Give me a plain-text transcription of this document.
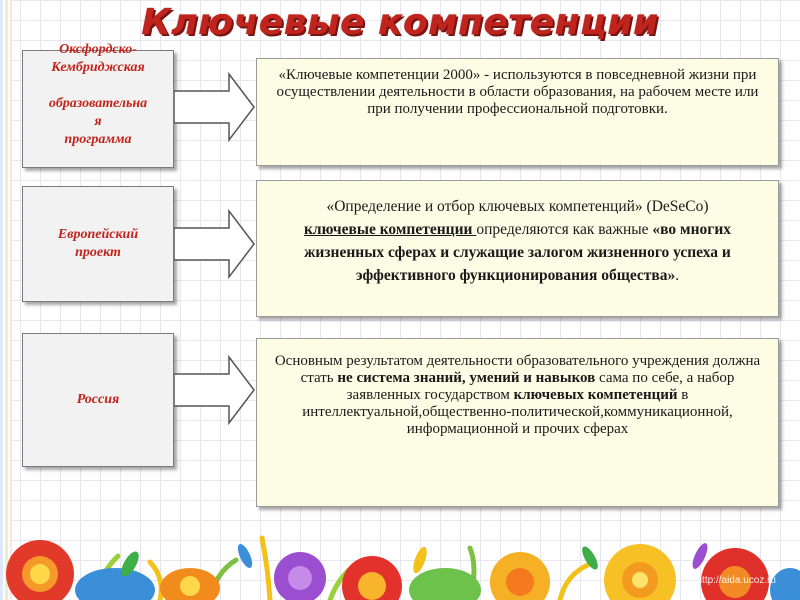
Ключевые компетенции
Оксфордско-
Кембриджская

образовательна
я
программа
«Ключевые компетенции 2000» - используются в повседневной жизни при осуществлении деятельности в области образования, на рабочем месте или при получении профессиональной подготовки.
Европейский
проект
«Определение и отбор ключевых компетенций» (DeSeCo)
ключевые компетенции определяются как важные «во многих жизненных сферах и служащие залогом жизненного успеха и эффективного функционирования общества».
Россия
Основным результатом деятельности образовательного учреждения должна стать не система знаний, умений и навыков сама по себе, а набор заявленных государством ключевых компетенций в интеллектуальной,общественно-политической,коммуникационной, информационной и прочих сферах
http://aida.ucoz.ru
